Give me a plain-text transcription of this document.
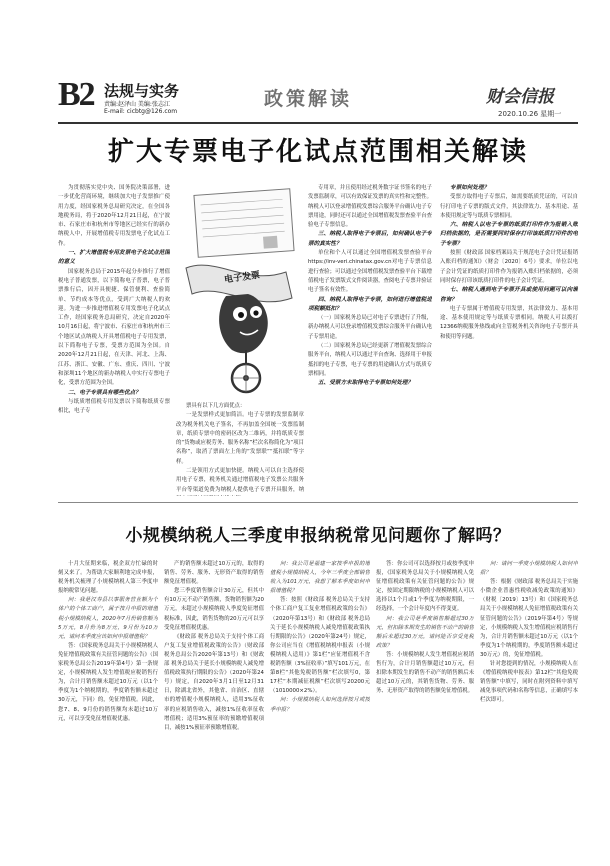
B2 法规与实务
责编:赵泽山 美编:张志江
E-mail: cicbtg@126.com
政策解读	财会信报
2020.10.26 星期一
扩大专票电子化试点范围相关解读

为贯彻落实党中央、国务院决策部署，进一步优化营商环境，继续加大电子发票推广使用力度，经国家税务总局研究决定，在全国各地税务局，将于2020年12月21日起，在宁波市、石家庄市和杭州市等地区已经实行的新办纳税人中，开展增值税专用发票电子化试点工作。

一、扩大增值税专用发票电子化试点范围的意义

国家税务总局于2015年起分步推行了增值税电子普通发票，以下简称电子普票，电子普票推行后，因开具便捷、保管便利、查验简单、节约成本等优点，受到广大纳税人的欢迎。为进一步推进增值税专用发票电子化试点工作，经国家税务总局研究，决定自2020年10月16日起，将宁波市、石家庄市和杭州市三个地区试点纳税人开具增值税电子专用发票，以下简称电子专票，受票方范围为全国。自2020年12月21日起，在天津、河北、上海、江苏、浙江、安徽、广东、重庆、四川、宁波和深圳11个地区的新办纳税人中实行专票电子化，受票方范围为全国。

二、电子专票具有哪些优点？

与纸质增值税专用发票以下简称纸质专票相比，电子专

电子发票

票具有以下几方面优点：

一是发票样式更加简洁。电子专票的发票监制章改为税务机关电子签名，不再加盖全国统一发票监制章，纸质专票中的密码区改为二维码，并将纸质专票的“货物或应税劳务、服务名称”栏次名称简化为“项目名称”，取消了票面左上角的“发票联”“抵扣联”等字样。

二是领用方式更加快捷。纳税人可以自主选择使用电子专票，税务机关通过增值税电子发票公共服务平台等渠道免费为纳税人提供电子专票开具服务，纳

专用章，并且使用经过税务数字证书签名的电子发票监制章，可以有效保证发票的真实性和完整性。纳税人可以登录增值税发票综合服务平台确认电子专票用途，同时还可以通过全国增值税发票查验平台查验电子专票信息。

三、纳税人取得电子专票后，如何确认电子专票的真实性？

单位和个人可以通过全国增值税发票查验平台https://inv-veri.chinatax.gov.cn对电子专票信息进行查验；可以通过全国增值税发票查验平台下载增值税电子发票版式文件阅读器，查阅电子专票并验证电子签名有效性。

四、纳税人取得电子专票，如何进行增值税进项税额抵扣？

（一）国家税务总局已对电子专票进行了升级，新办纳税人可以登录增值税发票综合服务平台确认电子专票用途。

（二）国家税务总局已经更新了增值税发票综合服务平台，纳税人可以通过平台查询、选择用于申报抵扣的电子专票，电子专票的用途确认方式与纸质专票相同。

五、受票方未取得电子专票如何处理？
专票如何处理？

受票方取得电子专票后，如需要纸质凭证的，可以自行打印电子专票的版式文件，其法律效力、基本用途、基本使用规定等与纸质专票相同。

六、纳税人以电子专票的纸质打印件作为报销入账归档依据的，是否需要同时保存打印该纸质打印件的电子专票？

按照《财政部 国家档案局关于规范电子会计凭证报销入账归档的通知》（财会〔2020〕6号）要求，单位以电子会计凭证的纸质打印件作为报销入账归档依据的，必须同时保存打印该纸质打印件的电子会计凭证。

七、纳税人遇到电子专票开具或使用问题可以向谁咨询？

电子专票属于增值税专用发票，其法律效力、基本用途、基本使用规定等与纸质专票相同。纳税人可以拨打12366纳税服务热线或向主管税务机关咨询电子专票开具和使用等问题。

小规模纳税人三季度申报纳税常见问题你了解吗？

十月大征期来临，税企双方忙碌的时刻又来了。为帮助大家顺利地完成申报，税务机关梳理了小规模纳税人第三季度申报纳税常见问题。

问：我是汉寿县以事服务营业额为个体户的个体工商户，属于按月申报的增值税小规模纳税人，2020年7月份销售额为5万元，8月份为8万元，9月份为10万元，请问本季度应该如何申报增值税？

答：《国家税务总局关于小规模纳税人免征增值税政策有关征管问题的公告》（国家税务总局公告2019年第4号）第一条规定，小规模纳税人发生增值税应税销售行为，合计月销售额未超过10万元（以1个季度为1个纳税期的，季度销售额未超过30万元，下同）的，免征增值税。因此，您7、8、9月份的销售额均未超过10万元，可以享受免征增值税优惠。

产的销售额未超过10万元的，取得的销售、劳务、服务、无形资产取得的销售额免征增值税。

您三季度销售额合计30万元，但其中有10万元不动产销售额，货物销售额为20万元，未超过小规模纳税人季度免征增值税标准，因此，销售货物的20万元可以享受免征增值税优惠。

《财政部 税务总局关于支持个体工商户复工复业增值税政策的公告》（财政部 税务总局公告2020年第13号）和《财政部 税务总局关于延长小规模纳税人减免增值税政策执行期限的公告》（2020年第24号）规定，自2020年3月1日至12月31日，除湖北省外，其他省、自治区、直辖市的增值税小规模纳税人，适用3%征收率的应税销售收入，减按1%征收率征收增值税；适用3%预征率的预缴增值税项目，减按1%预征率预缴增值税。

问：我公司是福建一家按季申报的增值税小规模纳税人，今年三季度全部销售收入为101万元，我想了解本季度如何申报增值税？

答：按照《财政部 税务总局关于支持个体工商户复工复业增值税政策的公告》（2020年第13号）和《财政部 税务总局关于延长小规模纳税人减免增值税政策执行期限的公告》（2020年第24号）规定，你公司应当在《增值税纳税申报表（小规模纳税人适用）》第1栏“应征增值税不含税销售额（3%征收率）”填写101万元，在第8栏“其他免税销售额”栏次填写0，第17栏“本期减征税额”栏次填写20200元（1010000×2%）。

问：小规模纳税人如何选择按月或按季申报？

答：你公司可以选择按月或按季度申报，《国家税务总局关于小规模纳税人免征增值税政策有关征管问题的公告》规定，按固定期限纳税的小规模纳税人可以选择以1个月或1个季度为纳税期限，一经选择，一个会计年度内不得变更。

问：我公司是季度销售额超过30万元，但扣除本期发生的销售不动产的销售额后未超过30万元，请问能否享受免税政策？

答：小规模纳税人发生增值税应税销售行为，合计月销售额超过10万元，但扣除本期发生的销售不动产的销售额后未超过10万元的，其销售货物、劳务、服务、无形资产取得的销售额免征增值税。

问：请问一季度小规模纳税人如何申报？

答：根据《财政部 税务总局关于实施小微企业普惠性税收减免政策的通知》（财税〔2019〕13号）和《国家税务总局关于小规模纳税人免征增值税政策有关征管问题的公告》（2019年第4号）等规定，小规模纳税人发生增值税应税销售行为，合计月销售额未超过10万元（以1个季度为1个纳税期的，季度销售额未超过30万元）的，免征增值税。

针对您提到的情况，小规模纳税人在《增值税纳税申报表》第12栏“其他免税销售额”中填写，同时在附列资料中填写减免事项代码和名称等信息，正确填写本栏次即可。
